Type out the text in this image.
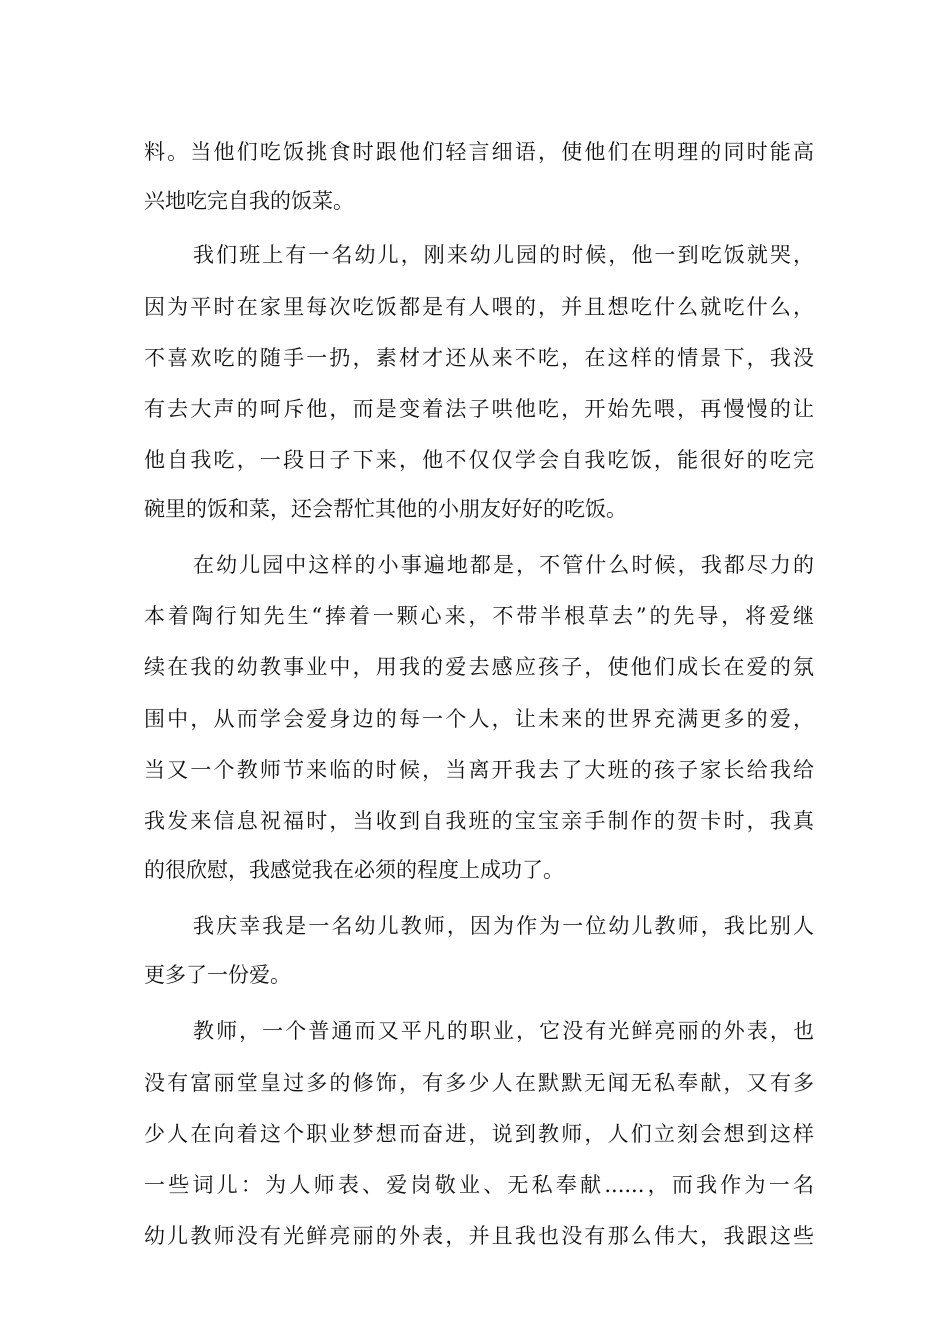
料。当他们吃饭挑食时跟他们轻言细语，使他们在明理的同时能高
兴地吃完自我的饭菜。
我们班上有一名幼儿，刚来幼儿园的时候，他一到吃饭就哭，
因为平时在家里每次吃饭都是有人喂的，并且想吃什么就吃什么，
不喜欢吃的随手一扔，素材才还从来不吃，在这样的情景下，我没
有去大声的呵斥他，而是变着法子哄他吃，开始先喂，再慢慢的让
他自我吃，一段日子下来，他不仅仅学会自我吃饭，能很好的吃完
碗里的饭和菜，还会帮忙其他的小朋友好好的吃饭。
在幼儿园中这样的小事遍地都是，不管什么时候，我都尽力的
本着陶行知先生“捧着一颗心来，不带半根草去”的先导，将爱继
续在我的幼教事业中，用我的爱去感应孩子，使他们成长在爱的氛
围中，从而学会爱身边的每一个人，让未来的世界充满更多的爱，
当又一个教师节来临的时候，当离开我去了大班的孩子家长给我给
我发来信息祝福时，当收到自我班的宝宝亲手制作的贺卡时，我真
的很欣慰，我感觉我在必须的程度上成功了。
我庆幸我是一名幼儿教师，因为作为一位幼儿教师，我比别人
更多了一份爱。
教师，一个普通而又平凡的职业，它没有光鲜亮丽的外表，也
没有富丽堂皇过多的修饰，有多少人在默默无闻无私奉献，又有多
少人在向着这个职业梦想而奋进，说到教师，人们立刻会想到这样
一些词儿：为人师表、爱岗敬业、无私奉献......，而我作为一名
幼儿教师没有光鲜亮丽的外表，并且我也没有那么伟大，我跟这些
